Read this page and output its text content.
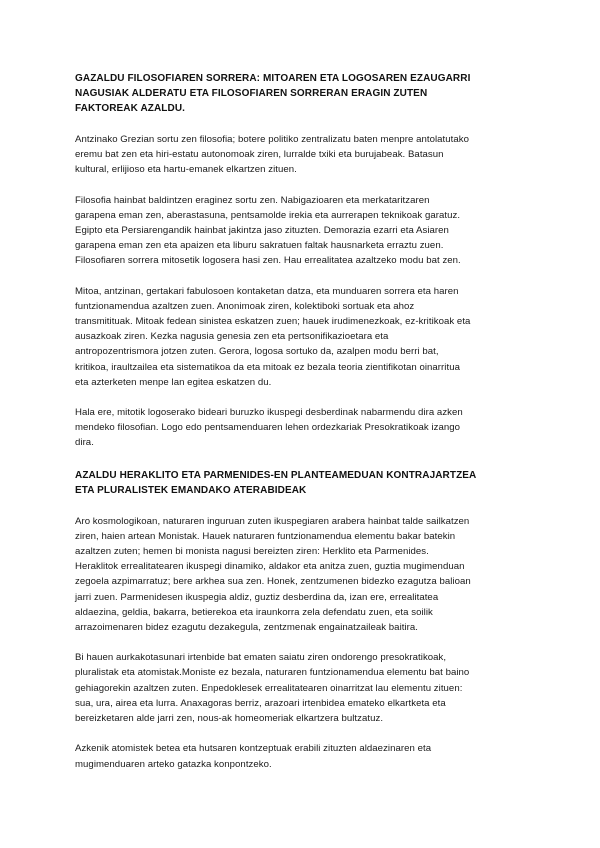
GAZALDU FILOSOFIAREN SORRERA: MITOAREN ETA LOGOSAREN EZAUGARRI
NAGUSIAK ALDERATU ETA FILOSOFIAREN SORRERAN ERAGIN ZUTEN
FAKTOREAK AZALDU.

Antzinako Grezian sortu zen filosofia; botere politiko zentralizatu baten menpre antolatutako
eremu bat zen eta hiri-estatu autonomoak ziren, lurralde txiki eta burujabeak. Batasun
kultural, erlijioso eta hartu-emanek elkartzen zituen.

Filosofia hainbat baldintzen eraginez sortu zen. Nabigazioaren eta merkataritzaren
garapena eman zen, aberastasuna, pentsamolde irekia eta aurrerapen teknikoak garatuz.
Egipto eta Persiarengandik hainbat jakintza jaso zituzten. Demorazia ezarri eta Asiaren
garapena eman zen eta apaizen eta liburu sakratuen faltak hausnarketa erraztu zuen.
Filosofiaren sorrera mitosetik logosera hasi zen. Hau errealitatea azaltzeko modu bat zen.

Mitoa, antzinan, gertakari fabulosoen kontaketan datza, eta munduaren sorrera eta haren
funtzionamendua azaltzen zuen. Anonimoak ziren, kolektiboki sortuak eta ahoz
transmitituak. Mitoak fedean sinistea eskatzen zuen; hauek irudimenezkoak, ez-kritikoak eta
ausazkoak ziren. Kezka nagusia genesia zen eta pertsonifikazioetara eta
antropozentrismora jotzen zuten. Gerora, logosa sortuko da, azalpen modu berri bat,
kritikoa, iraultzailea eta sistematikoa da eta mitoak ez bezala teoria zientifikotan oinarritua
eta azterketen menpe lan egitea eskatzen du.

Hala ere, mitotik logoserako bideari buruzko ikuspegi desberdinak nabarmendu dira azken
mendeko filosofian. Logo edo pentsamenduaren lehen ordezkariak Presokratikoak izango
dira.

AZALDU HERAKLITO ETA PARMENIDES-EN PLANTEAMEDUAN KONTRAJARTZEA
ETA PLURALISTEK EMANDAKO ATERABIDEAK

Aro kosmologikoan, naturaren inguruan zuten ikuspegiaren arabera hainbat talde sailkatzen
ziren, haien artean Monistak. Hauek naturaren funtzionamendua elementu bakar batekin
azaltzen zuten; hemen bi monista nagusi bereizten ziren: Herklito eta Parmenides.
Heraklitok errealitatearen ikuspegi dinamiko, aldakor eta anitza zuen, guztia mugimenduan
zegoela azpimarratuz; bere arkhea sua zen. Honek, zentzumenen bidezko ezagutza balioan
jarri zuen. Parmenidesen ikuspegia aldiz, guztiz desberdina da, izan ere, errealitatea
aldaezina, geldia, bakarra, betierekoa eta iraunkorra zela defendatu zuen, eta soilik
arrazoimenaren bidez ezagutu dezakegula, zentzmenak engainatzaileak baitira.

Bi hauen aurkakotasunari irtenbide bat ematen saiatu ziren ondorengo presokratikoak,
pluralistak eta atomistak.Moniste ez bezala, naturaren funtzionamendua elementu bat baino
gehiagorekin azaltzen zuten. Enpedoklesek errealitatearen oinarritzat lau elementu zituen:
sua, ura, airea eta lurra. Anaxagoras berriz, arazoari irtenbidea emateko elkartketa eta
bereizketaren alde jarri zen, nous-ak homeomeriak elkartzera bultzatuz.

Azkenik atomistek betea eta hutsaren kontzeptuak erabili zituzten aldaezinaren eta
mugimenduaren arteko gatazka konpontzeko.
